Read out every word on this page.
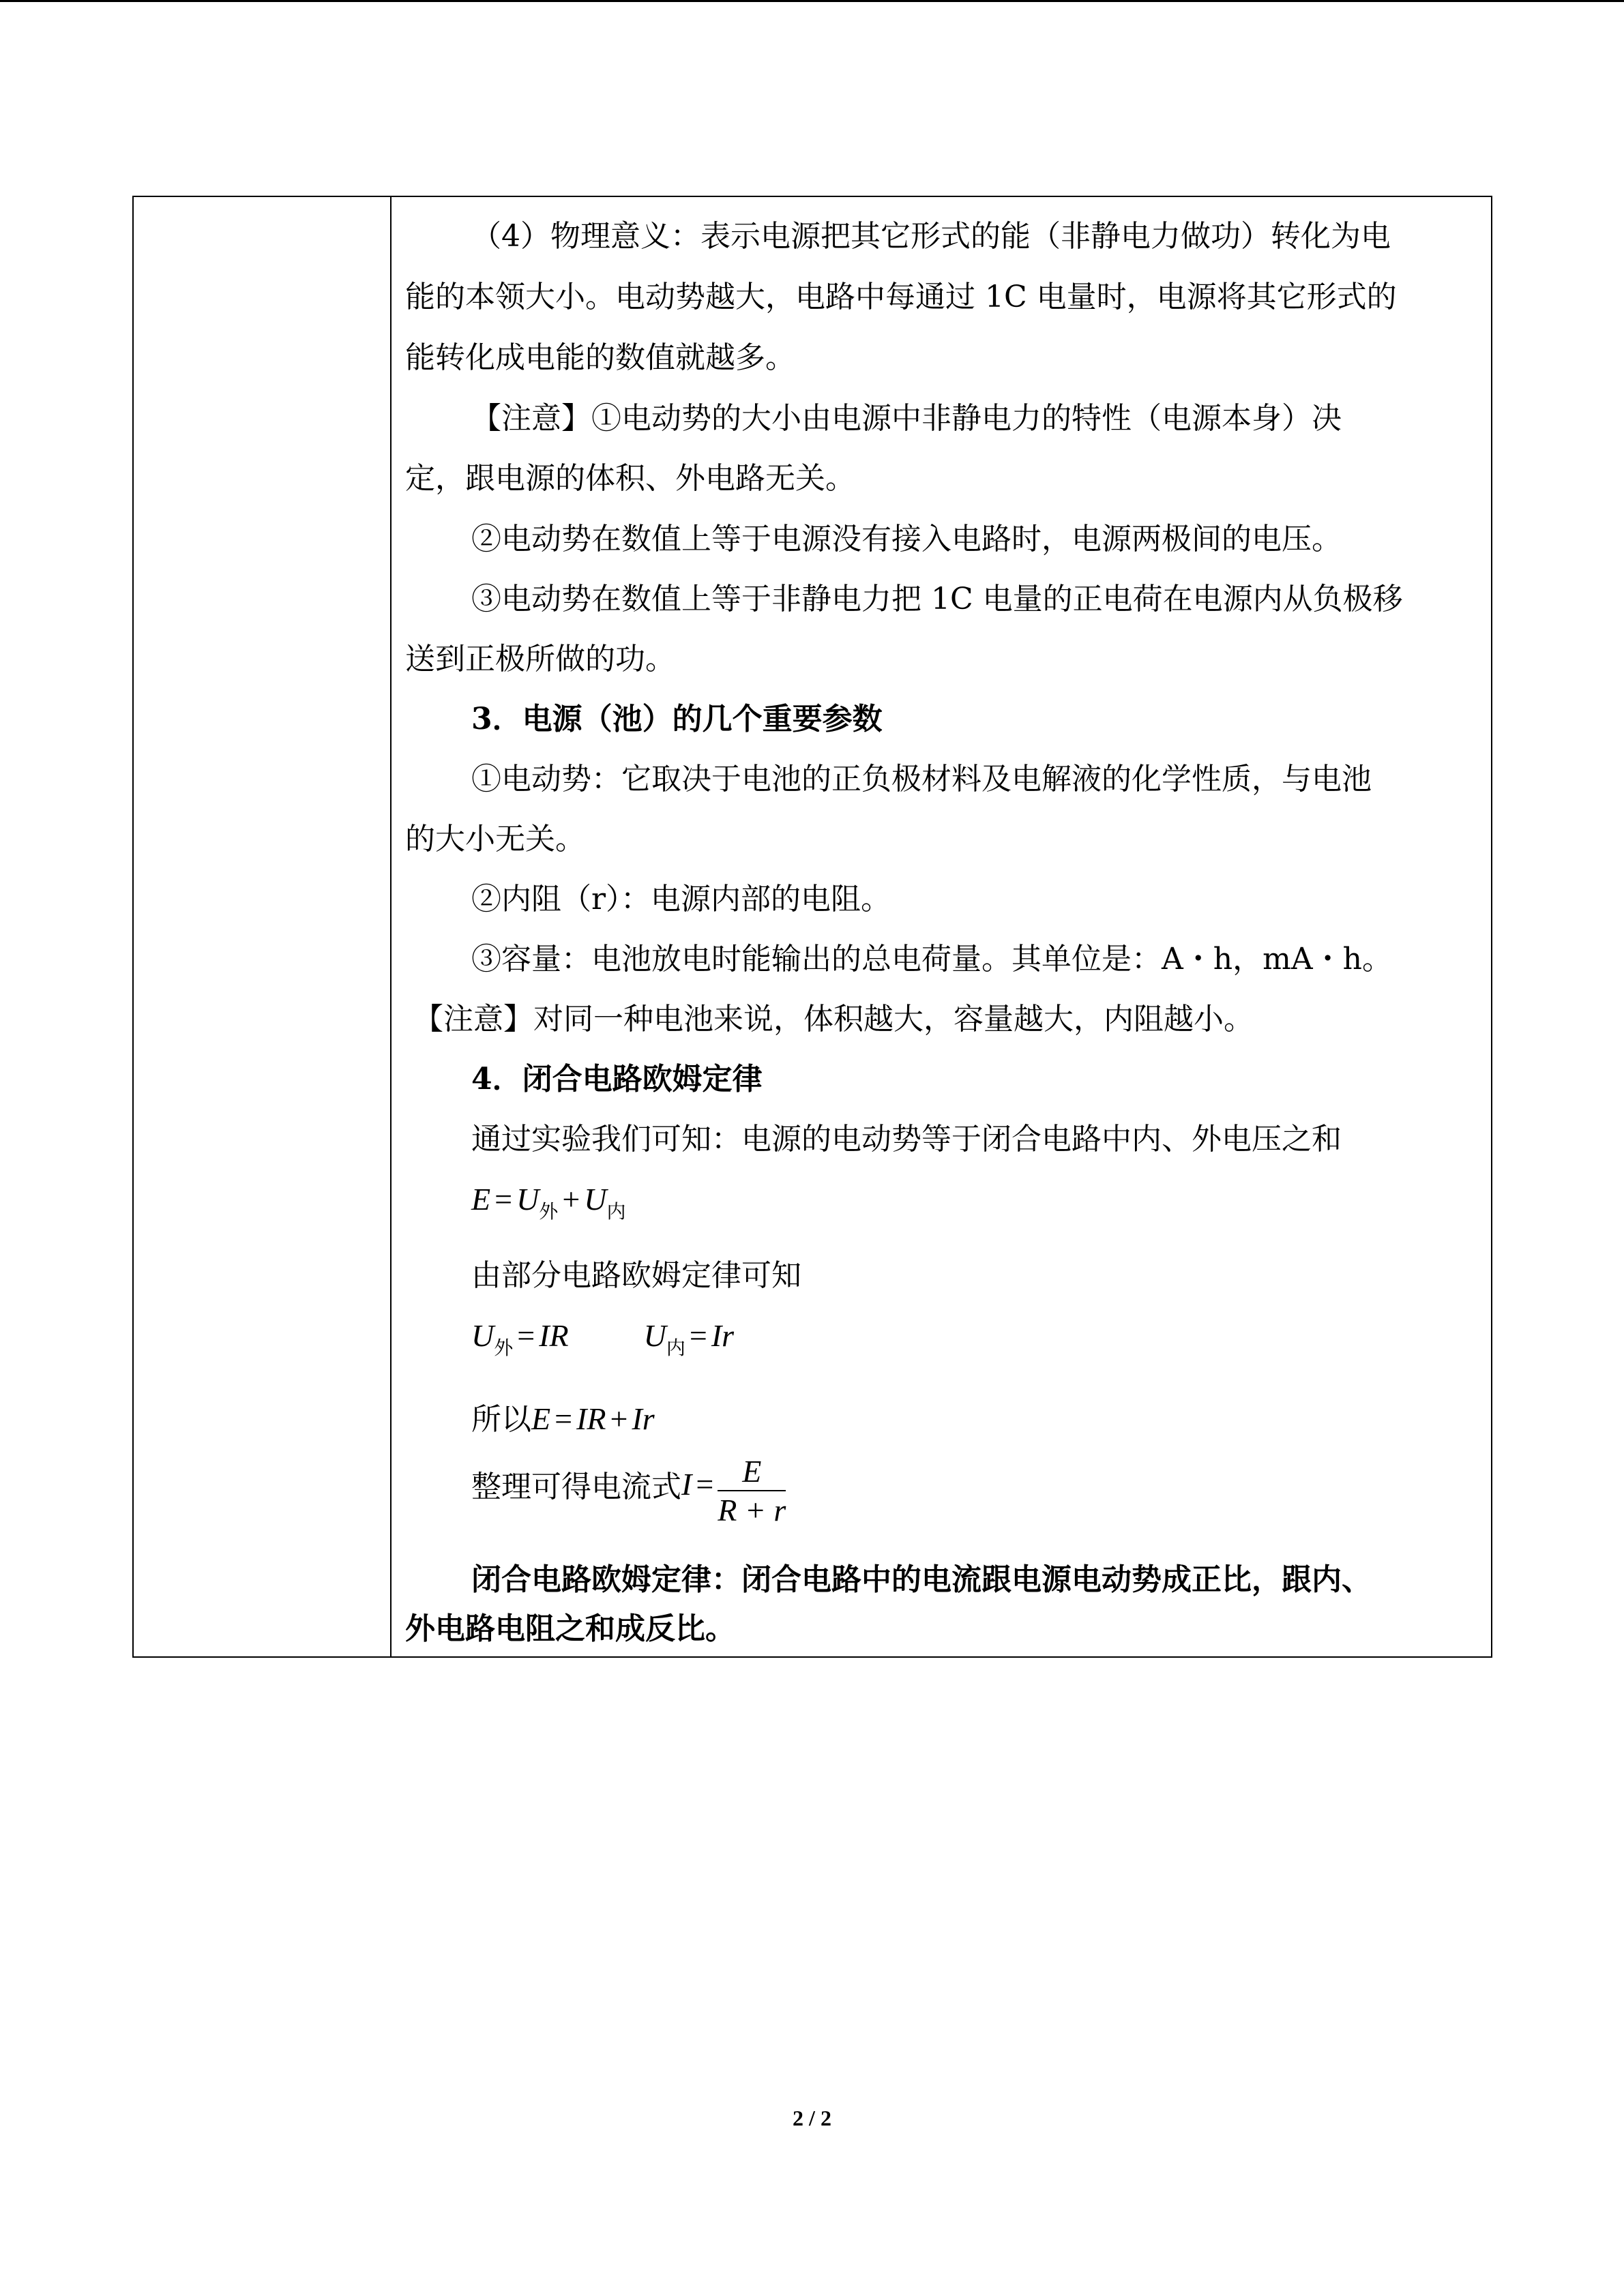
（4）物理意义：表示电源把其它形式的能（非静电力做功）转化为电
能的本领大小。电动势越大，电路中每通过 1C 电量时，电源将其它形式的
能转化成电能的数值就越多。
【注意】①电动势的大小由电源中非静电力的特性（电源本身）决
定，跟电源的体积、外电路无关。
②电动势在数值上等于电源没有接入电路时，电源两极间的电压。
③电动势在数值上等于非静电力把 1C 电量的正电荷在电源内从负极移
送到正极所做的功。
3．电源（池）的几个重要参数
①电动势：它取决于电池的正负极材料及电解液的化学性质，与电池
的大小无关。
②内阻（r）：电源内部的电阻。
③容量：电池放电时能输出的总电荷量。其单位是：A・h，mA・h。
【注意】对同一种电池来说，体积越大，容量越大，内阻越小。
4．闭合电路欧姆定律
通过实验我们可知：电源的电动势等于闭合电路中内、外电压之和
$E = U_外 + U_内$
由部分电路欧姆定律可知
$U_外$ = IR $U_内 = Ir$
所以E = IR + Ir
整理可得电流式$I = \frac{E}{R + r}$
闭合电路欧姆定律：闭合电路中的电流跟电源电动势成正比，跟内、
外电路电阻之和成反比。
2 / 2
